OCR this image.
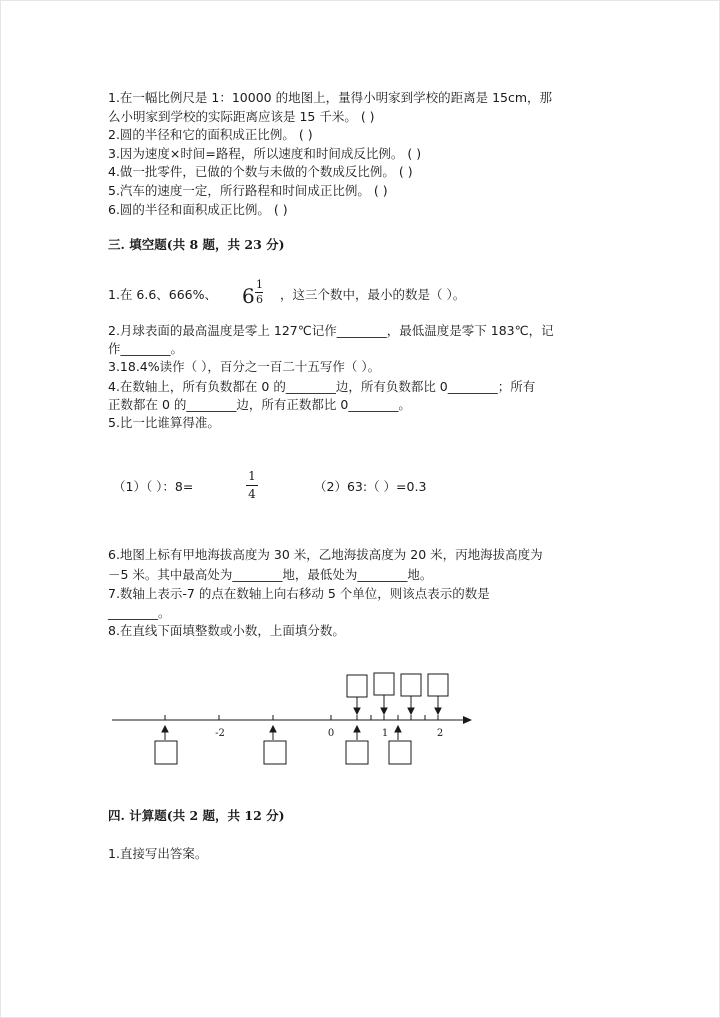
1.在一幅比例尺是 1：10000 的地图上，量得小明家到学校的距离是 15cm，那
么小明家到学校的实际距离应该是 15 千米。 ( )
2.圆的半径和它的面积成正比例。 ( )
3.因为速度×时间=路程，所以速度和时间成反比例。 ( )
4.做一批零件，已做的个数与未做的个数成反比例。 ( )
5.汽车的速度一定，所行路程和时间成正比例。 ( )
6.圆的半径和面积成正比例。 ( )
三. 填空题(共 8 题，共 23 分)
1.在 6.6、666%、 6 1
6 ，这三个数中，最小的数是（ ）。
2.月球表面的最高温度是零上 127℃记作________，最低温度是零下 183℃，记
作________。
3.18.4%读作（ ），百分之一百二十五写作（ ）。
4.在数轴上，所有负数都在 0 的________边，所有负数都比 0________；所有
正数都在 0 的________边，所有正数都比 0________。
5.比一比谁算得准。
（1）（ ）：8=
1
4	（2）63:（ ）=0.3
6.地图上标有甲地海拔高度为 30 米，乙地海拔高度为 20 米，丙地海拔高度为
－5 米。其中最高处为________地，最低处为________地。
7.数轴上表示-7 的点在数轴上向右移动 5 个单位，则该点表示的数是
________。
8.在直线下面填整数或小数，上面填分数。
-2	0	1	2
四. 计算题(共 2 题，共 12 分)
1.直接写出答案。
